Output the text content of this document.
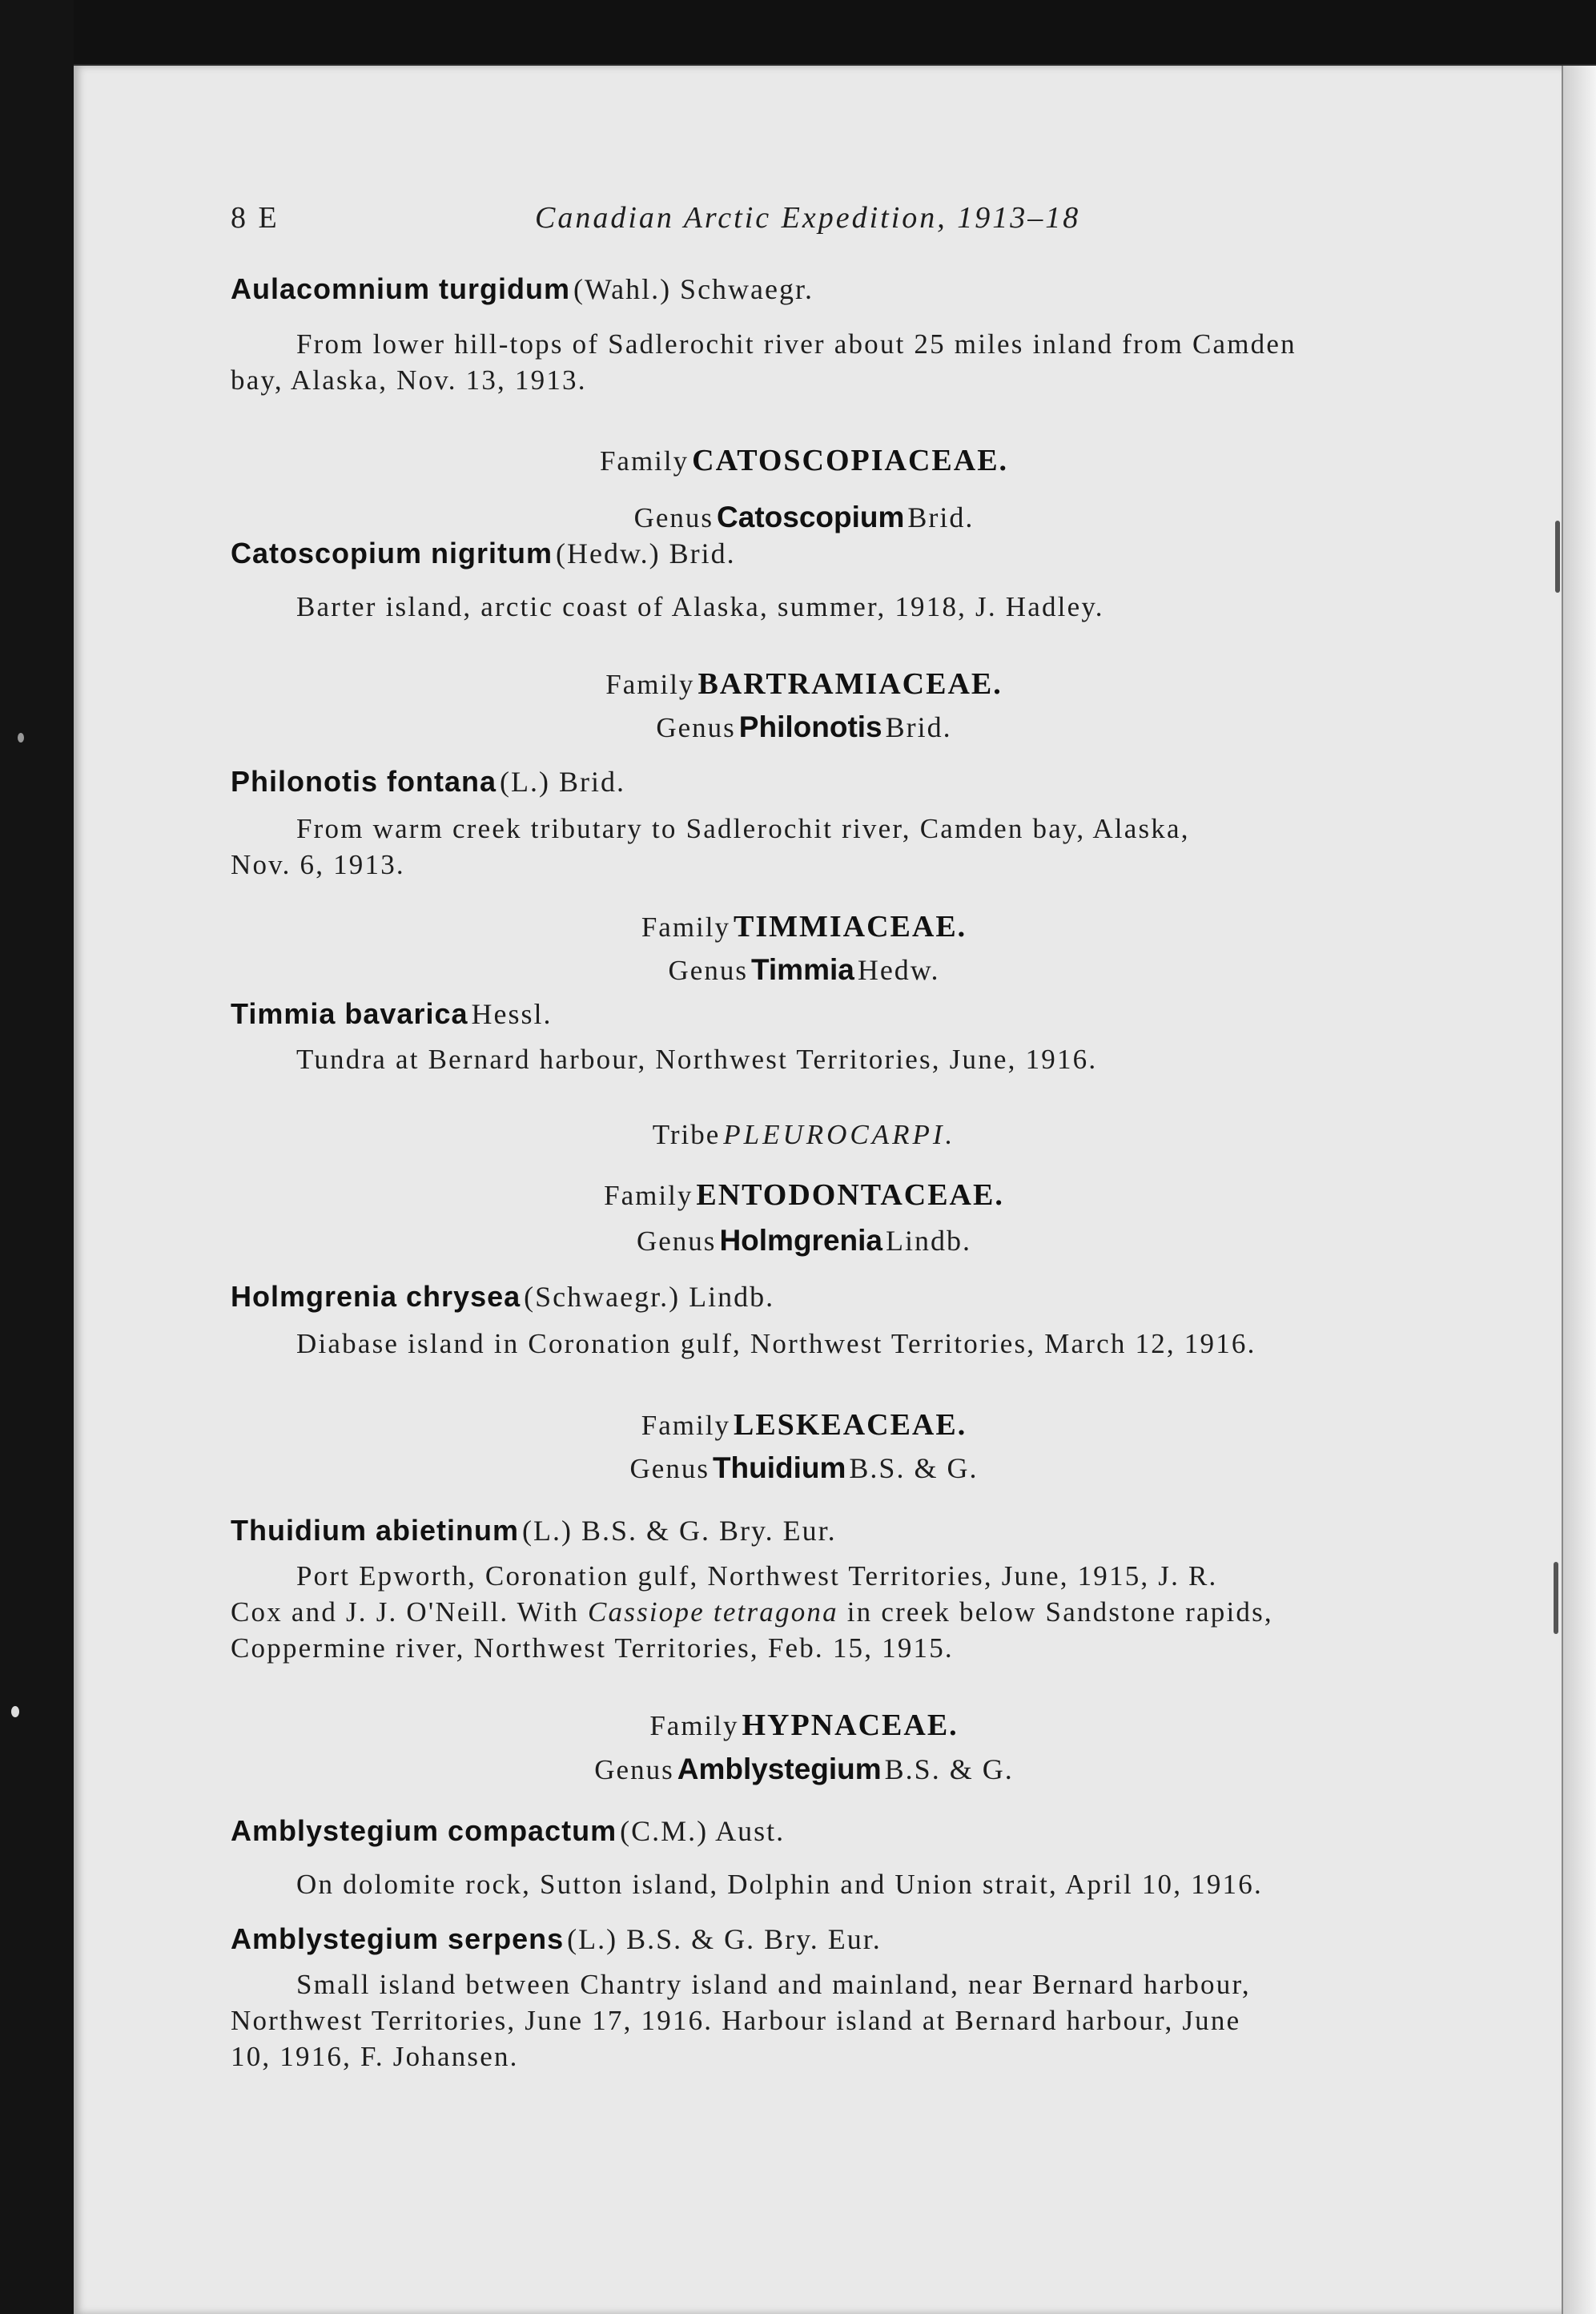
8 E	Canadian Arctic Expedition, 1913–18
Aulacomnium turgidum (Wahl.) Schwaegr.
From lower hill-tops of Sadlerochit river about 25 miles inland from Camden
bay, Alaska, Nov. 13, 1913.
Family CATOSCOPIACEAE.
Genus Catoscopium Brid.
Catoscopium nigritum (Hedw.) Brid.
Barter island, arctic coast of Alaska, summer, 1918, J. Hadley.
Family BARTRAMIACEAE.
Genus Philonotis Brid.
Philonotis fontana (L.) Brid.
From warm creek tributary to Sadlerochit river, Camden bay, Alaska,
Nov. 6, 1913.
Family TIMMIACEAE.
Genus Timmia Hedw.
Timmia bavarica Hessl.
Tundra at Bernard harbour, Northwest Territories, June, 1916.
Tribe PLEUROCARPI.
Family ENTODONTACEAE.
Genus Holmgrenia Lindb.
Holmgrenia chrysea (Schwaegr.) Lindb.
Diabase island in Coronation gulf, Northwest Territories, March 12, 1916.
Family LESKEACEAE.
Genus Thuidium B.S. & G.
Thuidium abietinum (L.) B.S. & G. Bry. Eur.
Port Epworth, Coronation gulf, Northwest Territories, June, 1915, J. R.
Cox and J. J. O'Neill. With Cassiope tetragona in creek below Sandstone rapids,
Coppermine river, Northwest Territories, Feb. 15, 1915.
Family HYPNACEAE.
Genus Amblystegium B.S. & G.
Amblystegium compactum (C.M.) Aust.
On dolomite rock, Sutton island, Dolphin and Union strait, April 10, 1916.
Amblystegium serpens (L.) B.S. & G. Bry. Eur.
Small island between Chantry island and mainland, near Bernard harbour,
Northwest Territories, June 17, 1916. Harbour island at Bernard harbour, June
10, 1916, F. Johansen.
